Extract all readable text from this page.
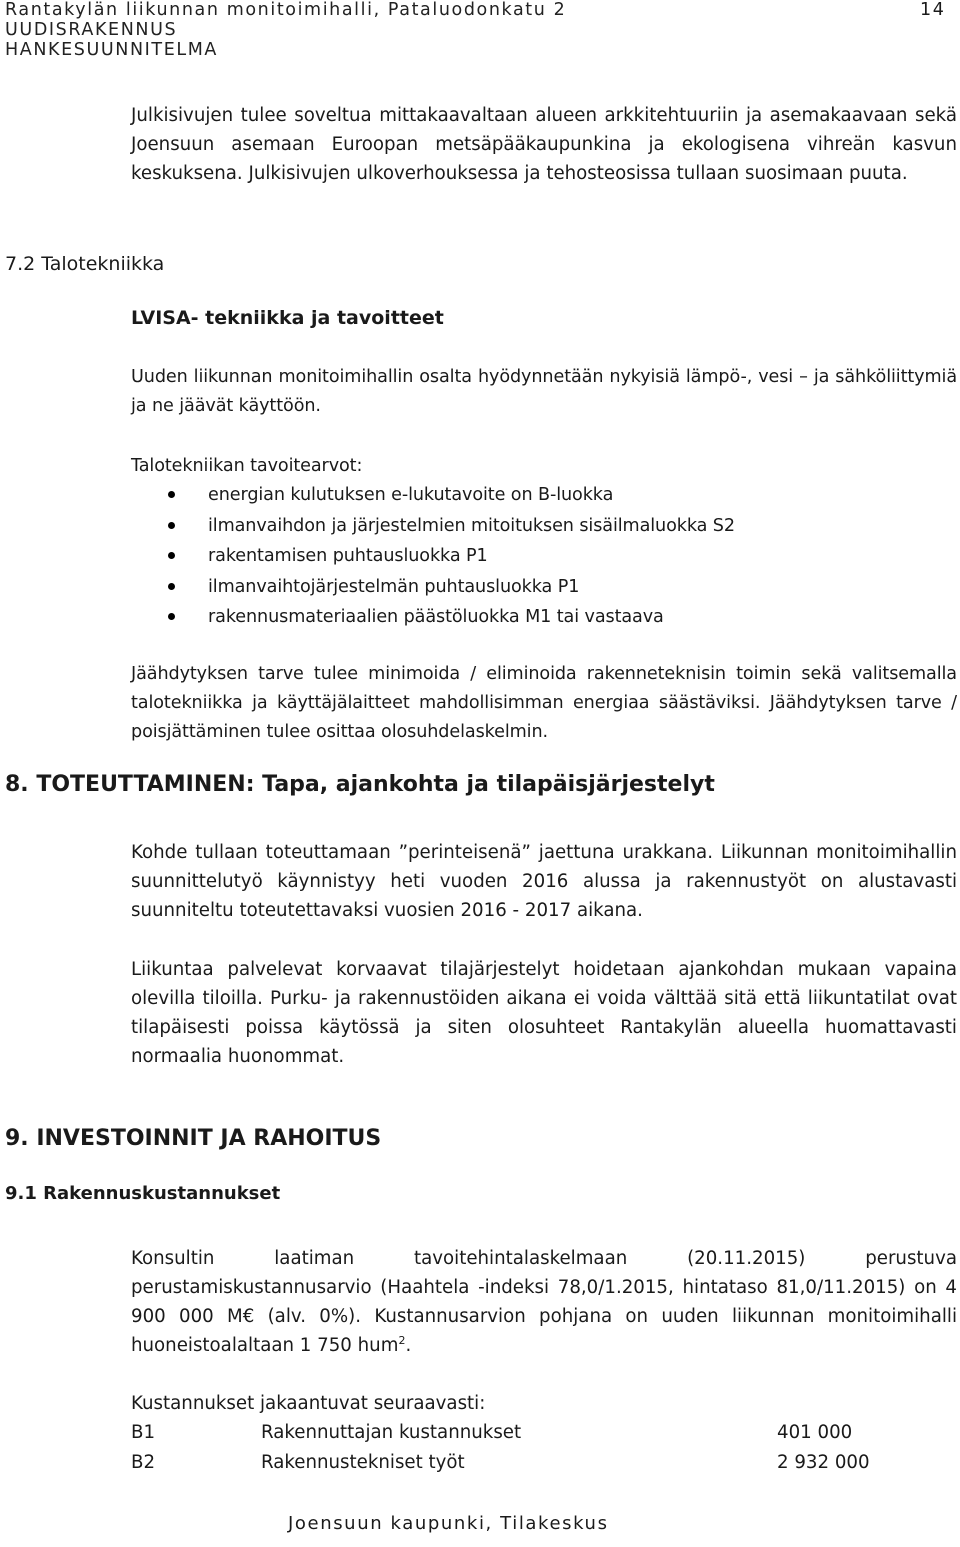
Rantakylän liikunnan monitoimihalli, Pataluodonkatu 2
UUDISRAKENNUS
HANKESUUNNITELMA
14
Julkisivujen tulee soveltua mittakaavaltaan alueen arkkitehtuuriin ja asemakaavaan sekä Joensuun asemaan Euroopan metsäpääkaupunkina ja ekologisena vihreän kasvun keskuksena. Julkisivujen ulkoverhouksessa ja tehosteosissa tullaan suosimaan puuta.
7.2 Talotekniikka
LVISA- tekniikka ja tavoitteet
Uuden liikunnan monitoimihallin osalta hyödynnetään nykyisiä lämpö-, vesi – ja sähköliittymiä ja ne jäävät käyttöön.
Talotekniikan tavoitearvot:
energian kulutuksen e-lukutavoite on B-luokka
ilmanvaihdon ja järjestelmien mitoituksen sisäilmaluokka S2
rakentamisen puhtausluokka P1
ilmanvaihtojärjestelmän puhtausluokka P1
rakennusmateriaalien päästöluokka M1 tai vastaava
Jäähdytyksen tarve tulee minimoida / eliminoida rakenneteknisin toimin sekä valitsemalla talotekniikka ja käyttäjälaitteet mahdollisimman energiaa säästäviksi. Jäähdytyksen tarve / poisjättäminen tulee osittaa olosuhdelaskelmin.
8. TOTEUTTAMINEN: Tapa, ajankohta ja tilapäisjärjestelyt
Kohde tullaan toteuttamaan ”perinteisenä” jaettuna urakkana. Liikunnan monitoimihallin suunnittelutyö käynnistyy heti vuoden 2016 alussa ja rakennustyöt on alustavasti suunniteltu toteutettavaksi vuosien 2016 - 2017 aikana.
Liikuntaa palvelevat korvaavat tilajärjestelyt hoidetaan ajankohdan mukaan vapaina olevilla tiloilla. Purku- ja rakennustöiden aikana ei voida välttää sitä että liikuntatilat ovat tilapäisesti poissa käytössä ja siten olosuhteet Rantakylän alueella huomattavasti normaalia huonommat.
9. INVESTOINNIT JA RAHOITUS
9.1 Rakennuskustannukset
Konsultin laatiman tavoitehintalaskelmaan (20.11.2015) perustuva perustamiskustannusarvio (Haahtela -indeksi 78,0/1.2015, hintataso 81,0/11.2015) on 4 900 000 M€ (alv. 0%). Kustannusarvion pohjana on uuden liikunnan monitoimihalli huoneistoalaltaan 1 750 hum$^2$.
Kustannukset jakaantuvat seuraavasti:
B1	Rakennuttajan kustannukset	401 000
B2	Rakennustekniset työt	2 932 000
Joensuun kaupunki, Tilakeskus
